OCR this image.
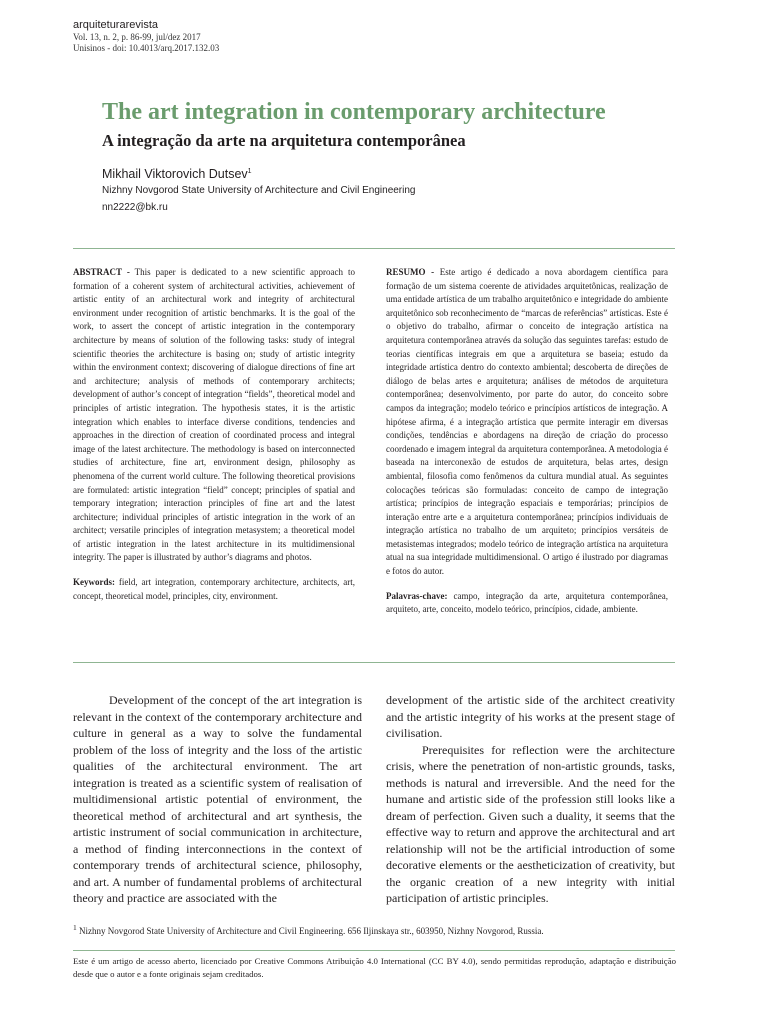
arquiteturarevista
Vol. 13, n. 2, p. 86-99, jul/dez 2017
Unisinos - doi: 10.4013/arq.2017.132.03
The art integration in contemporary architecture
A integração da arte na arquitetura contemporânea
Mikhail Viktorovich Dutsev$^1$
Nizhny Novgorod State University of Architecture and Civil Engineering
nn2222@bk.ru

ABSTRACT - This paper is dedicated to a new scientific approach to formation of a coherent system of architectural activities, achievement of artistic entity of an architectural work and integrity of architectural environment under recognition of artistic benchmarks. It is the goal of the work, to assert the concept of artistic integration in the contemporary architecture by means of solution of the following tasks: study of integral scientific theories the architecture is basing on; study of artistic integrity within the environment context; discovering of dialogue directions of fine art and architecture; analysis of methods of contemporary architects; development of author’s concept of integration “fields”, theoretical model and principles of artistic integration. The hypothesis states, it is the artistic integration which enables to interface diverse conditions, tendencies and approaches in the direction of creation of coordinated process and integral image of the latest architecture. The methodology is based on interconnected studies of architecture, fine art, environment design, philosophy as phenomena of the current world culture. The following theoretical provisions are formulated: artistic integration “field” concept; principles of spatial and temporary integration; interaction principles of fine art and the latest architecture; individual principles of artistic integration in the work of an architect; versatile principles of integration metasystem; a theoretical model of artistic integration in the latest architecture in its multidimensional integrity. The paper is illustrated by author’s diagrams and photos.

Keywords: field, art integration, contemporary architecture, architects, art, concept, theoretical model, principles, city, environment.

RESUMO - Este artigo é dedicado a nova abordagem científica para formação de um sistema coerente de atividades arquitetônicas, realização de uma entidade artística de um trabalho arquitetônico e integridade do ambiente arquitetônico sob reconhecimento de “marcas de referências” artísticas. Este é o objetivo do trabalho, afirmar o conceito de integração artística na arquitetura contemporânea através da solução das seguintes tarefas: estudo de teorias científicas integrais em que a arquitetura se baseia; estudo da integridade artística dentro do contexto ambiental; descoberta de direções de diálogo de belas artes e arquitetura; análises de métodos de arquitetura contemporânea; desenvolvimento, por parte do autor, do conceito sobre campos da integração; modelo teórico e princípios artísticos de integração. A hipótese afirma, é a integração artística que permite interagir em diversas condições, tendências e abordagens na direção de criação do processo coordenado e imagem integral da arquitetura contemporânea. A metodologia é baseada na interconexão de estudos de arquitetura, belas artes, design ambiental, filosofia como fenômenos da cultura mundial atual. As seguintes colocações teóricas são formuladas: conceito de campo de integração artística; princípios de integração espaciais e temporárias; princípios de interação entre arte e a arquitetura contemporânea; princípios individuais de integração artística no trabalho de um arquiteto; princípios versáteis de metasistemas integrados; modelo teórico de integração artística na arquitetura atual na sua integridade multidimensional. O artigo é ilustrado por diagramas e fotos do autor.

Palavras-chave: campo, integração da arte, arquitetura contemporânea, arquiteto, arte, conceito, modelo teórico, princípios, cidade, ambiente.

Development of the concept of the art integration is relevant in the context of the contemporary architecture and culture in general as a way to solve the fundamental problem of the loss of integrity and the loss of the artistic qualities of the architectural environment. The art integration is treated as a scientific system of realisation of multidimensional artistic potential of environment, the theoretical method of architectural and art synthesis, the artistic instrument of social communication in architecture, a method of finding interconnections in the context of contemporary trends of architectural science, philosophy, and art. A number of fundamental problems of architectural theory and practice are associated with the

development of the artistic side of the architect creativity and the artistic integrity of his works at the present stage of civilisation.

Prerequisites for reflection were the architecture crisis, where the penetration of non-artistic grounds, tasks, methods is natural and irreversible. And the need for the humane and artistic side of the profession still looks like a dream of perfection. Given such a duality, it seems that the effective way to return and approve the architectural and art relationship will not be the artificial introduction of some decorative elements or the aestheticization of creativity, but the organic creation of a new integrity with initial participation of artistic principles.

$^1$ Nizhny Novgorod State University of Architecture and Civil Engineering. 656 Iljinskaya str., 603950, Nizhny Novgorod, Russia.
Este é um artigo de acesso aberto, licenciado por Creative Commons Atribuição 4.0 International (CC BY 4.0), sendo permitidas reprodução, adaptação e distribuição desde que o autor e a fonte originais sejam creditados.
